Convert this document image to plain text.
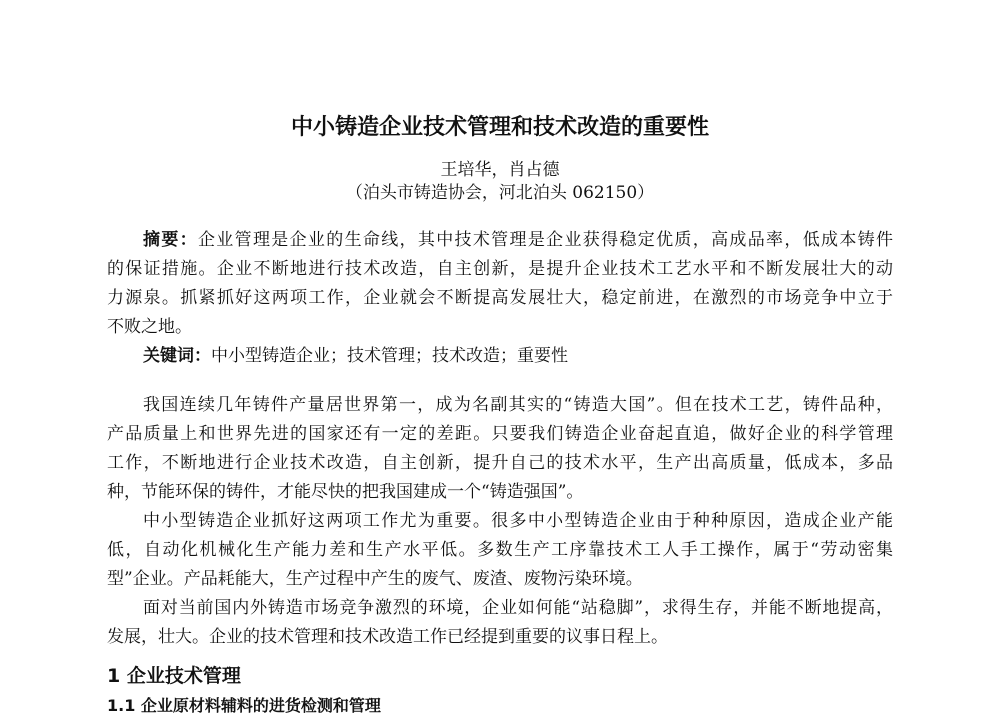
中小铸造企业技术管理和技术改造的重要性
王培华，肖占德
（泊头市铸造协会，河北泊头 062150）
摘要：企业管理是企业的生命线，其中技术管理是企业获得稳定优质，高成品率，低成本铸件
的保证措施。企业不断地进行技术改造，自主创新，是提升企业技术工艺水平和不断发展壮大的动
力源泉。抓紧抓好这两项工作，企业就会不断提高发展壮大，稳定前进，在激烈的市场竞争中立于
不败之地。
关键词：中小型铸造企业；技术管理；技术改造；重要性
我国连续几年铸件产量居世界第一，成为名副其实的“铸造大国”。但在技术工艺，铸件品种，
产品质量上和世界先进的国家还有一定的差距。只要我们铸造企业奋起直追，做好企业的科学管理
工作，不断地进行企业技术改造，自主创新，提升自己的技术水平，生产出高质量，低成本，多品
种，节能环保的铸件，才能尽快的把我国建成一个“铸造强国”。
中小型铸造企业抓好这两项工作尤为重要。很多中小型铸造企业由于种种原因，造成企业产能
低，自动化机械化生产能力差和生产水平低。多数生产工序靠技术工人手工操作，属于“劳动密集
型”企业。产品耗能大，生产过程中产生的废气、废渣、废物污染环境。
面对当前国内外铸造市场竞争激烈的环境，企业如何能“站稳脚”，求得生存，并能不断地提高，
发展，壮大。企业的技术管理和技术改造工作已经提到重要的议事日程上。
1 企业技术管理
1.1 企业原材料辅料的进货检测和管理
